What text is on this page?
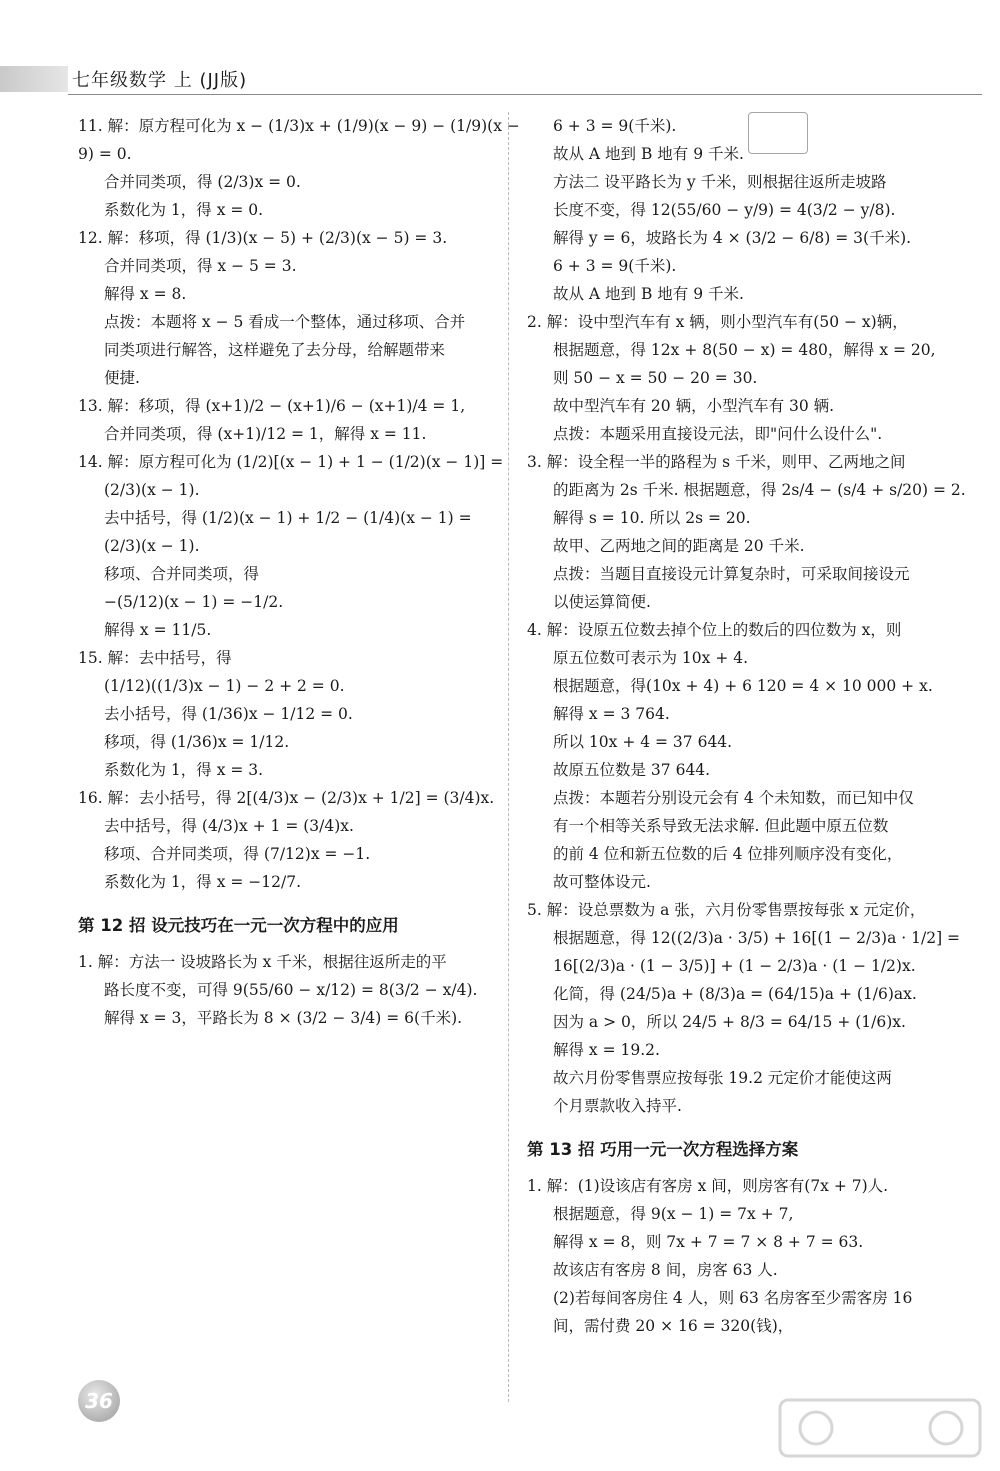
七年级数学 上 (JJ版)
11. 解：原方程可化为 x − (1/3)x + (1/9)(x − 9) − (1/9)(x −
9) = 0.
合并同类项，得 (2/3)x = 0.
系数化为 1，得 x = 0.
12. 解：移项，得 (1/3)(x − 5) + (2/3)(x − 5) = 3.
合并同类项，得 x − 5 = 3.
解得 x = 8.
点拨：本题将 x − 5 看成一个整体，通过移项、合并
同类项进行解答，这样避免了去分母，给解题带来
便捷.
13. 解：移项，得 (x+1)/2 − (x+1)/6 − (x+1)/4 = 1,
合并同类项，得 (x+1)/12 = 1，解得 x = 11.
14. 解：原方程可化为 (1/2)[(x − 1) + 1 − (1/2)(x − 1)] =
(2/3)(x − 1).
去中括号，得 (1/2)(x − 1) + 1/2 − (1/4)(x − 1) =
(2/3)(x − 1).
移项、合并同类项，得
−(5/12)(x − 1) = −1/2.
解得 x = 11/5.
15. 解：去中括号，得
(1/12)((1/3)x − 1) − 2 + 2 = 0.
去小括号，得 (1/36)x − 1/12 = 0.
移项，得 (1/36)x = 1/12.
系数化为 1，得 x = 3.
16. 解：去小括号，得 2[(4/3)x − (2/3)x + 1/2] = (3/4)x.
去中括号，得 (4/3)x + 1 = (3/4)x.
移项、合并同类项，得 (7/12)x = −1.
系数化为 1，得 x = −12/7.
第 12 招 设元技巧在一元一次方程中的应用
1. 解：方法一 设坡路长为 x 千米，根据往返所走的平
路长度不变，可得 9(55/60 − x/12) = 8(3/2 − x/4).
解得 x = 3，平路长为 8 × (3/2 − 3/4) = 6(千米).
6 + 3 = 9(千米).
故从 A 地到 B 地有 9 千米.
方法二 设平路长为 y 千米，则根据往返所走坡路
长度不变，得 12(55/60 − y/9) = 4(3/2 − y/8).
解得 y = 6，坡路长为 4 × (3/2 − 6/8) = 3(千米).
6 + 3 = 9(千米).
故从 A 地到 B 地有 9 千米.
2. 解：设中型汽车有 x 辆，则小型汽车有(50 − x)辆，
根据题意，得 12x + 8(50 − x) = 480，解得 x = 20,
则 50 − x = 50 − 20 = 30.
故中型汽车有 20 辆，小型汽车有 30 辆.
点拨：本题采用直接设元法，即"问什么设什么".
3. 解：设全程一半的路程为 s 千米，则甲、乙两地之间
的距离为 2s 千米. 根据题意，得 2s/4 − (s/4 + s/20) = 2.
解得 s = 10. 所以 2s = 20.
故甲、乙两地之间的距离是 20 千米.
点拨：当题目直接设元计算复杂时，可采取间接设元
以使运算简便.
4. 解：设原五位数去掉个位上的数后的四位数为 x，则
原五位数可表示为 10x + 4.
根据题意，得(10x + 4) + 6 120 = 4 × 10 000 + x.
解得 x = 3 764.
所以 10x + 4 = 37 644.
故原五位数是 37 644.
点拨：本题若分别设元会有 4 个未知数，而已知中仅
有一个相等关系导致无法求解. 但此题中原五位数
的前 4 位和新五位数的后 4 位排列顺序没有变化，
故可整体设元.
5. 解：设总票数为 a 张，六月份零售票按每张 x 元定价，
根据题意，得 12((2/3)a · 3/5) + 16[(1 − 2/3)a · 1/2] =
16[(2/3)a · (1 − 3/5)] + (1 − 2/3)a · (1 − 1/2)x.
化简，得 (24/5)a + (8/3)a = (64/15)a + (1/6)ax.
因为 a > 0，所以 24/5 + 8/3 = 64/15 + (1/6)x.
解得 x = 19.2.
故六月份零售票应按每张 19.2 元定价才能使这两
个月票款收入持平.
第 13 招 巧用一元一次方程选择方案
1. 解：(1)设该店有客房 x 间，则房客有(7x + 7)人.
根据题意，得 9(x − 1) = 7x + 7,
解得 x = 8，则 7x + 7 = 7 × 8 + 7 = 63.
故该店有客房 8 间，房客 63 人.
(2)若每间客房住 4 人，则 63 名房客至少需客房 16
间，需付费 20 × 16 = 320(钱)，
36
